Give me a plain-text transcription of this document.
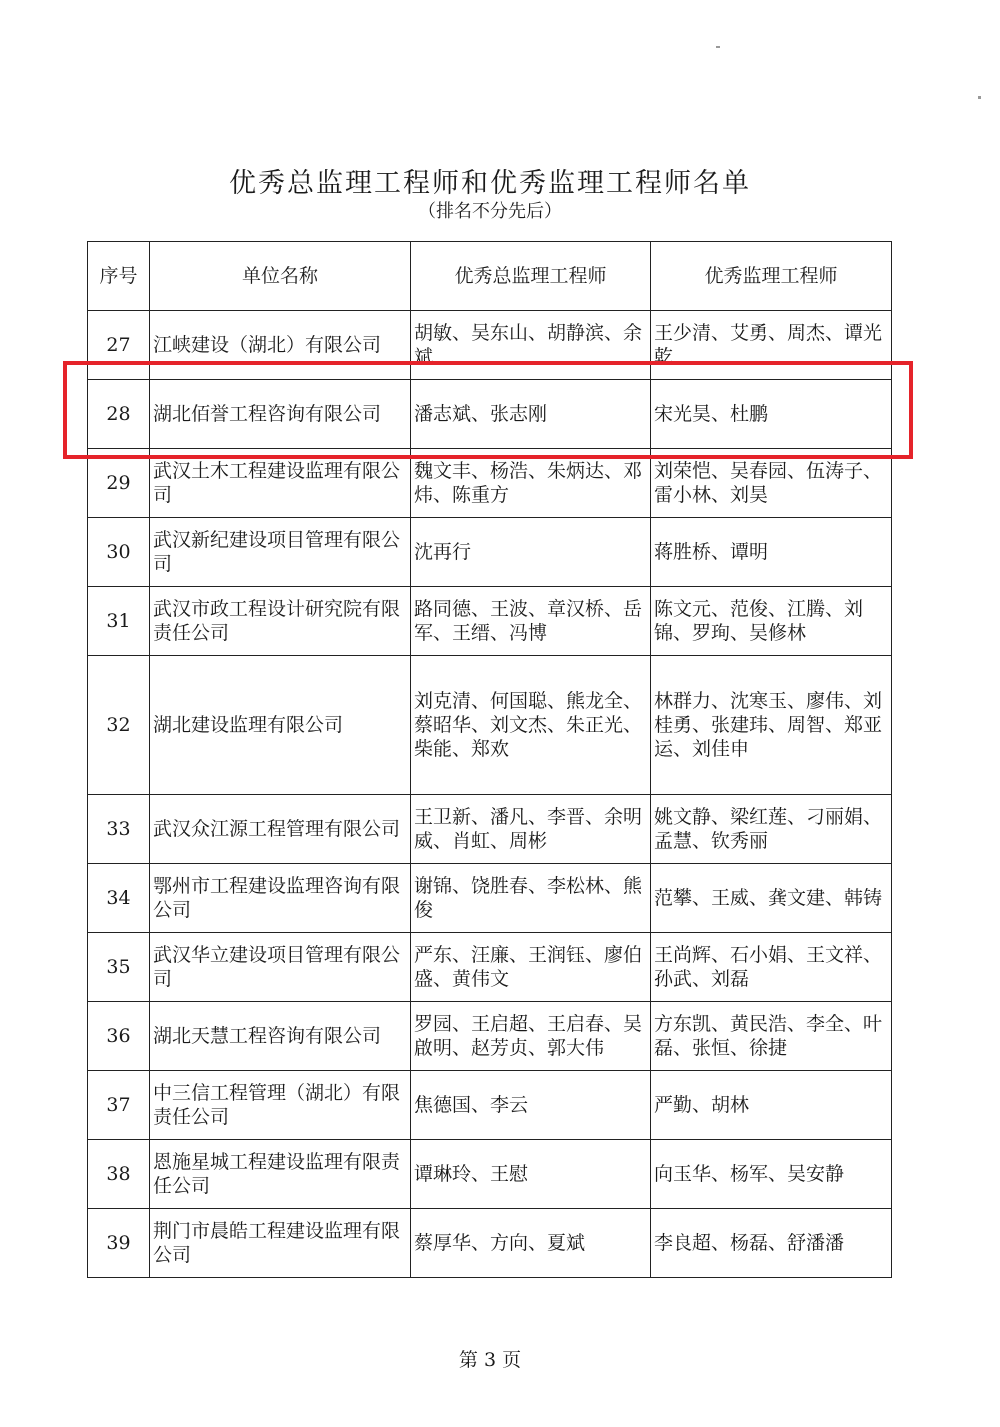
优秀总监理工程师和优秀监理工程师名单
（排名不分先后）
序号	单位名称	优秀总监理工程师	优秀监理工程师

27	江峡建设（湖北）有限公司	胡敏、吴东山、胡静滨、余斌	王少清、艾勇、周杰、谭光乾

28	湖北佰誉工程咨询有限公司	潘志斌、张志刚	宋光昊、杜鹏

29	武汉土木工程建设监理有限公司	魏文丰、杨浩、朱炳达、邓炜、陈重方	刘荣恺、吴春园、伍涛子、雷小林、刘昊

30	武汉新纪建设项目管理有限公司	沈再行	蒋胜桥、谭明

31	武汉市政工程设计研究院有限责任公司	路同德、王波、章汉桥、岳军、王缙、冯博	陈文元、范俊、江腾、刘锦、罗珣、吴修林

32	湖北建设监理有限公司	刘克清、何国聪、熊龙全、蔡昭华、刘文杰、朱正光、柴能、郑欢	林群力、沈寒玉、廖伟、刘桂勇、张建玮、周智、郑亚运、刘佳申

33	武汉众江源工程管理有限公司	王卫新、潘凡、李晋、余明威、肖虹、周彬	姚文静、梁红莲、刁丽娟、孟慧、钦秀丽

34	鄂州市工程建设监理咨询有限公司	谢锦、饶胜春、李松林、熊俊	范攀、王威、龚文建、韩铸

35	武汉华立建设项目管理有限公司	严东、汪廉、王润钰、廖伯盛、黄伟文	王尚辉、石小娟、王文祥、孙武、刘磊

36	湖北天慧工程咨询有限公司	罗园、王启超、王启春、吴啟明、赵芳贞、郭大伟	方东凯、黄民浩、李全、叶磊、张恒、徐捷

37	中三信工程管理（湖北）有限责任公司	焦德国、李云	严勤、胡林

38	恩施星城工程建设监理有限责任公司	谭琳玲、王慰	向玉华、杨军、吴安静

39	荆门市晨皓工程建设监理有限公司	蔡厚华、方向、夏斌	李良超、杨磊、舒潘潘
第 3 页
